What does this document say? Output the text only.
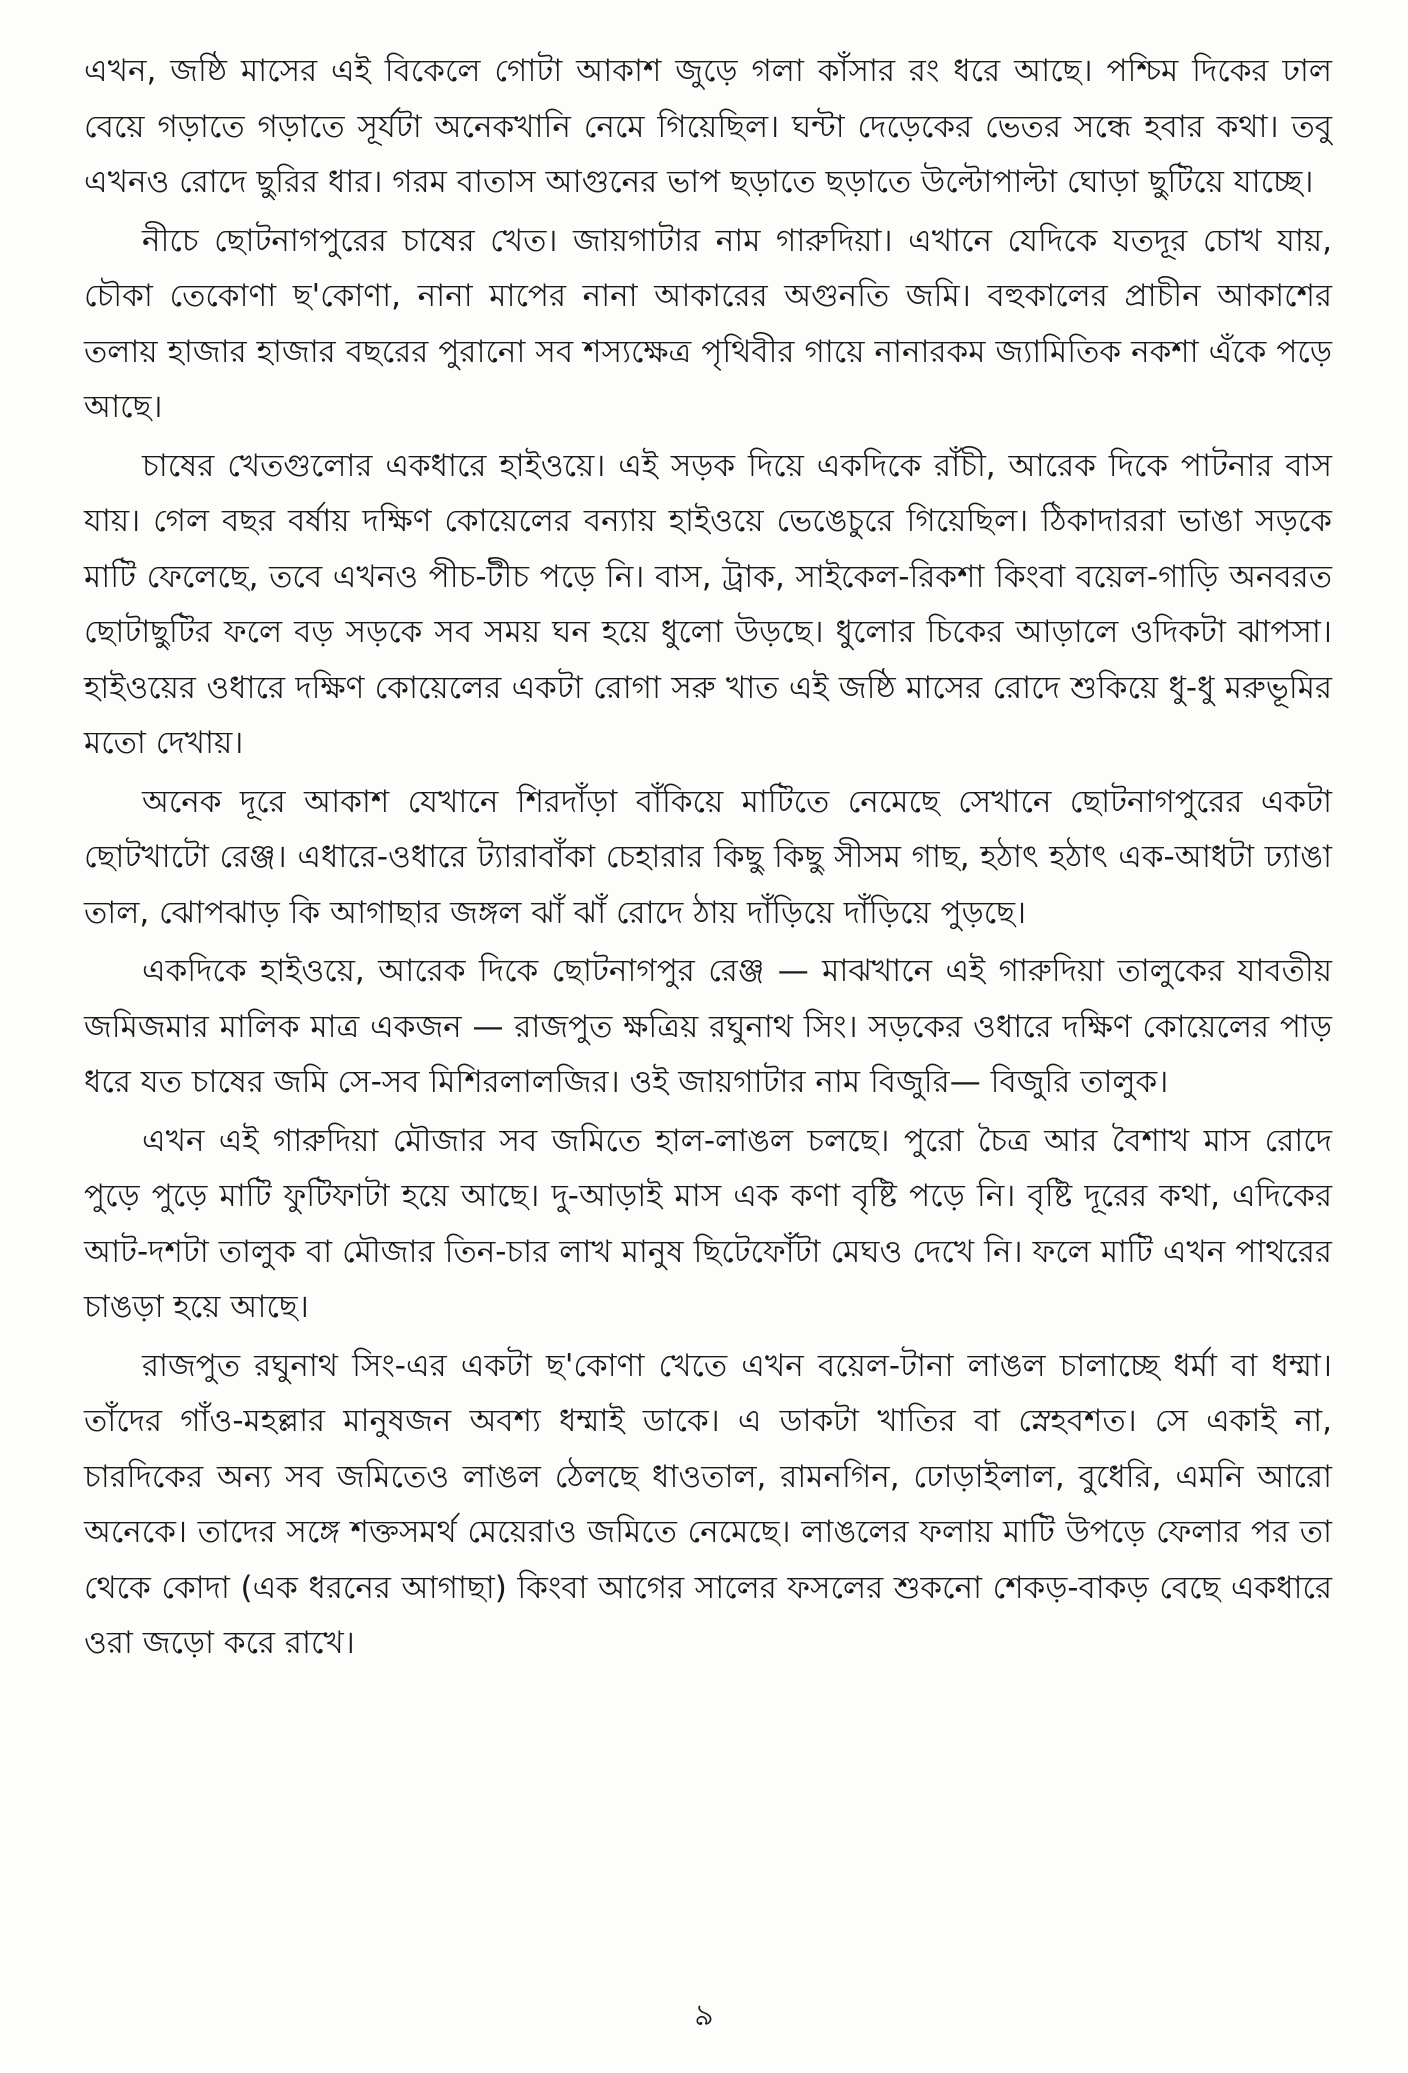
এখন, জষ্ঠি মাসের এই বিকেলে গোটা আকাশ জুড়ে গলা কাঁসার রং ধরে আছে। পশ্চিম দিকের ঢাল বেয়ে গড়াতে গড়াতে সূর্যটা অনেকখানি নেমে গিয়েছিল। ঘন্টা দেড়েকের ভেতর সন্ধে হবার কথা। তবু এখনও রোদে ছুরির ধার। গরম বাতাস আগুনের ভাপ ছড়াতে ছড়াতে উল্টোপাল্টা ঘোড়া ছুটিয়ে যাচ্ছে।

নীচে ছোটনাগপুরের চাষের খেত। জায়গাটার নাম গারুদিয়া। এখানে যেদিকে যতদূর চোখ যায়, চৌকা তেকোণা ছ'কোণা, নানা মাপের নানা আকারের অগুনতি জমি। বহুকালের প্রাচীন আকাশের তলায় হাজার হাজার বছরের পুরানো সব শস্যক্ষেত্র পৃথিবীর গায়ে নানারকম জ্যামিতিক নকশা এঁকে পড়ে আছে।

চাষের খেতগুলোর একধারে হাইওয়ে। এই সড়ক দিয়ে একদিকে রাঁচী, আরেক দিকে পাটনার বাস যায়। গেল বছর বর্ষায় দক্ষিণ কোয়েলের বন্যায় হাইওয়ে ভেঙেচুরে গিয়েছিল। ঠিকাদাররা ভাঙা সড়কে মাটি ফেলেছে, তবে এখনও পীচ-টীচ পড়ে নি। বাস, ট্রাক, সাইকেল-রিকশা কিংবা বয়েল-গাড়ি অনবরত ছোটাছুটির ফলে বড় সড়কে সব সময় ঘন হয়ে ধুলো উড়ছে। ধুলোর চিকের আড়ালে ওদিকটা ঝাপসা। হাইওয়ের ওধারে দক্ষিণ কোয়েলের একটা রোগা সরু খাত এই জষ্ঠি মাসের রোদে শুকিয়ে ধু-ধু মরুভূমির মতো দেখায়।

অনেক দূরে আকাশ যেখানে শিরদাঁড়া বাঁকিয়ে মাটিতে নেমেছে সেখানে ছোটনাগপুরের একটা ছোটখাটো রেঞ্জ। এধারে-ওধারে ট্যারাবাঁকা চেহারার কিছু কিছু সীসম গাছ, হঠাৎ হঠাৎ এক-আধটা ঢ্যাঙা তাল, ঝোপঝাড় কি আগাছার জঙ্গল ঝাঁ ঝাঁ রোদে ঠায় দাঁড়িয়ে দাঁড়িয়ে পুড়ছে।

একদিকে হাইওয়ে, আরেক দিকে ছোটনাগপুর রেঞ্জ — মাঝখানে এই গারুদিয়া তালুকের যাবতীয় জমিজমার মালিক মাত্র একজন — রাজপুত ক্ষত্রিয় রঘুনাথ সিং। সড়কের ওধারে দক্ষিণ কোয়েলের পাড় ধরে যত চাষের জমি সে-সব মিশিরলালজির। ওই জায়গাটার নাম বিজুরি— বিজুরি তালুক।

এখন এই গারুদিয়া মৌজার সব জমিতে হাল-লাঙল চলছে। পুরো চৈত্র আর বৈশাখ মাস রোদে পুড়ে পুড়ে মাটি ফুটিফাটা হয়ে আছে। দু-আড়াই মাস এক কণা বৃষ্টি পড়ে নি। বৃষ্টি দূরের কথা, এদিকের আট-দশটা তালুক বা মৌজার তিন-চার লাখ মানুষ ছিটেফোঁটা মেঘও দেখে নি। ফলে মাটি এখন পাথরের চাঙড়া হয়ে আছে।

রাজপুত রঘুনাথ সিং-এর একটা ছ'কোণা খেতে এখন বয়েল-টানা লাঙল চালাচ্ছে ধর্মা বা ধম্মা। তাঁদের গাঁও-মহল্লার মানুষজন অবশ্য ধম্মাই ডাকে। এ ডাকটা খাতির বা স্নেহবশত। সে একাই না, চারদিকের অন্য সব জমিতেও লাঙল ঠেলছে ধাওতাল, রামনগিন, ঢোড়াইলাল, বুধেরি, এমনি আরো অনেকে। তাদের সঙ্গে শক্তসমর্থ মেয়েরাও জমিতে নেমেছে। লাঙলের ফলায় মাটি উপড়ে ফেলার পর তা থেকে কোদা (এক ধরনের আগাছা) কিংবা আগের সালের ফসলের শুকনো শেকড়-বাকড় বেছে একধারে ওরা জড়ো করে রাখে।

৯
